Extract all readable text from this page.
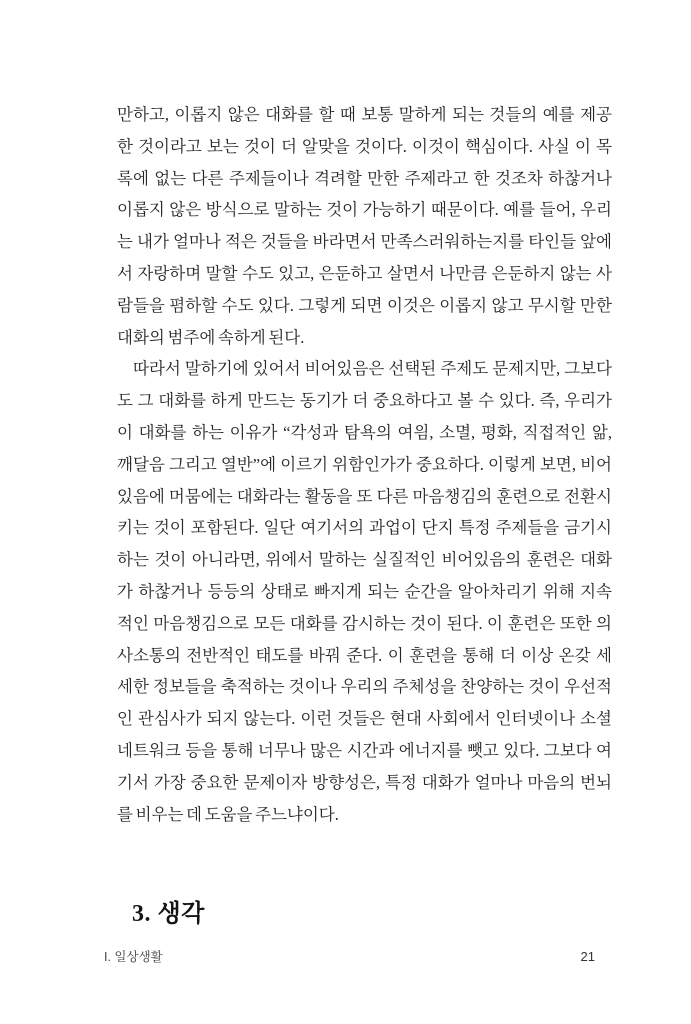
만하고, 이롭지 않은 대화를 할 때 보통 말하게 되는 것들의 예를 제공
한 것이라고 보는 것이 더 알맞을 것이다. 이것이 핵심이다. 사실 이 목
록에 없는 다른 주제들이나 격려할 만한 주제라고 한 것조차 하찮거나
이롭지 않은 방식으로 말하는 것이 가능하기 때문이다. 예를 들어, 우리
는 내가 얼마나 적은 것들을 바라면서 만족스러워하는지를 타인들 앞에
서 자랑하며 말할 수도 있고, 은둔하고 살면서 나만큼 은둔하지 않는 사
람들을 폄하할 수도 있다. 그렇게 되면 이것은 이롭지 않고 무시할 만한
대화의 범주에 속하게 된다.
따라서 말하기에 있어서 비어있음은 선택된 주제도 문제지만, 그보다
도 그 대화를 하게 만드는 동기가 더 중요하다고 볼 수 있다. 즉, 우리가
이 대화를 하는 이유가 “각성과 탐욕의 여읨, 소멸, 평화, 직접적인 앎,
깨달음 그리고 열반”에 이르기 위함인가가 중요하다. 이렇게 보면, 비어
있음에 머뭄에는 대화라는 활동을 또 다른 마음챙김의 훈련으로 전환시
키는 것이 포함된다. 일단 여기서의 과업이 단지 특정 주제들을 금기시
하는 것이 아니라면, 위에서 말하는 실질적인 비어있음의 훈련은 대화
가 하찮거나 등등의 상태로 빠지게 되는 순간을 알아차리기 위해 지속
적인 마음챙김으로 모든 대화를 감시하는 것이 된다. 이 훈련은 또한 의
사소통의 전반적인 태도를 바꿔 준다. 이 훈련을 통해 더 이상 온갖 세
세한 정보들을 축적하는 것이나 우리의 주체성을 찬양하는 것이 우선적
인 관심사가 되지 않는다. 이런 것들은 현대 사회에서 인터넷이나 소셜
네트워크 등을 통해 너무나 많은 시간과 에너지를 뺏고 있다. 그보다 여
기서 가장 중요한 문제이자 방향성은, 특정 대화가 얼마나 마음의 번뇌
를 비우는 데 도움을 주느냐이다.
3. 생각
I. 일상생활	21
